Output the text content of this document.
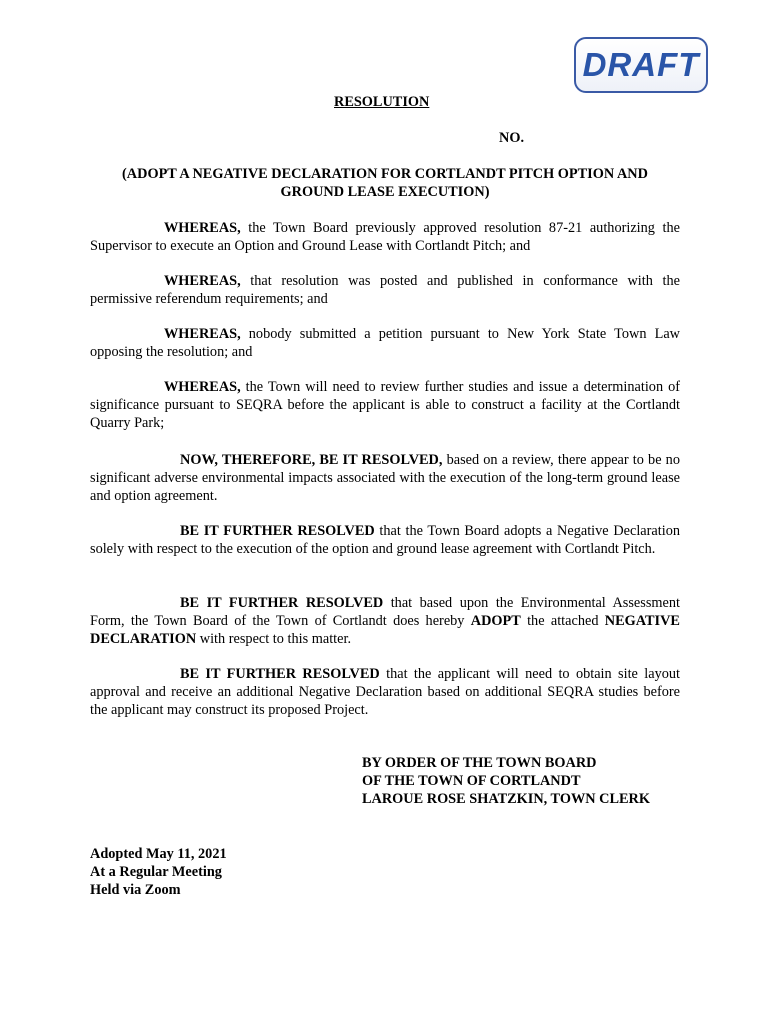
DRAFT
RESOLUTION
NO.
(ADOPT A NEGATIVE DECLARATION FOR CORTLANDT PITCH OPTION AND GROUND LEASE EXECUTION)
WHEREAS, the Town Board previously approved resolution 87-21 authorizing the Supervisor to execute an Option and Ground Lease with Cortlandt Pitch; and
WHEREAS, that resolution was posted and published in conformance with the permissive referendum requirements; and
WHEREAS, nobody submitted a petition pursuant to New York State Town Law opposing the resolution; and
WHEREAS, the Town will need to review further studies and issue a determination of significance pursuant to SEQRA before the applicant is able to construct a facility at the Cortlandt Quarry Park;
NOW, THEREFORE, BE IT RESOLVED, based on a review, there appear to be no significant adverse environmental impacts associated with the execution of the long-term ground lease and option agreement.
BE IT FURTHER RESOLVED that the Town Board adopts a Negative Declaration solely with respect to the execution of the option and ground lease agreement with Cortlandt Pitch.
BE IT FURTHER RESOLVED that based upon the Environmental Assessment Form, the Town Board of the Town of Cortlandt does hereby ADOPT the attached NEGATIVE DECLARATION with respect to this matter.
BE IT FURTHER RESOLVED that the applicant will need to obtain site layout approval and receive an additional Negative Declaration based on additional SEQRA studies before the applicant may construct its proposed Project.
BY ORDER OF THE TOWN BOARD
OF THE TOWN OF CORTLANDT
LAROUE ROSE SHATZKIN, TOWN CLERK
Adopted May 11, 2021
At a Regular Meeting
Held via Zoom
